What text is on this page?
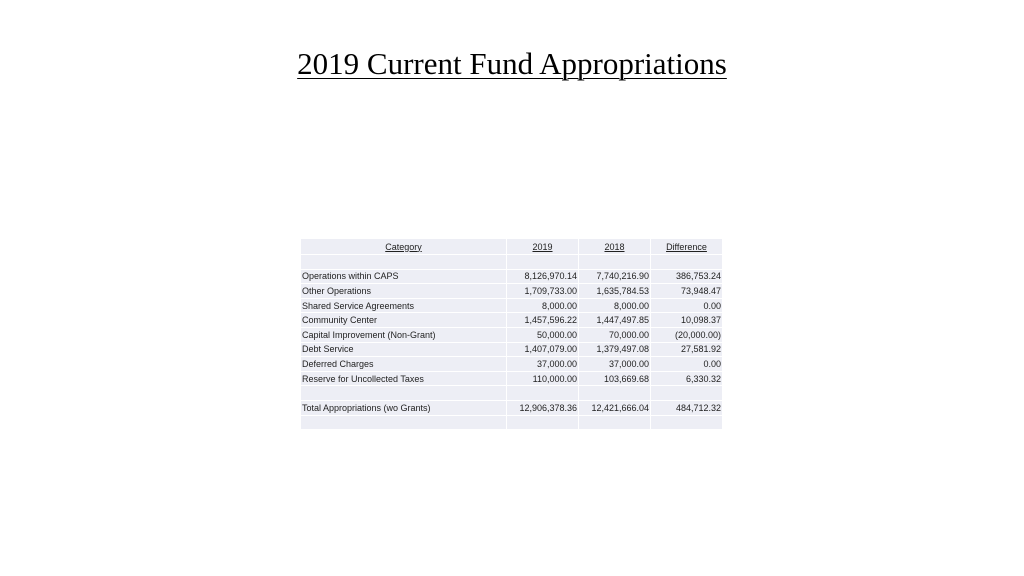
2019 Current Fund Appropriations
Category	2019	2018	Difference

Operations within CAPS	8,126,970.14	7,740,216.90	386,753.24
Other Operations	1,709,733.00	1,635,784.53	73,948.47
Shared Service Agreements	8,000.00	8,000.00	0.00
Community Center	1,457,596.22	1,447,497.85	10,098.37
Capital Improvement (Non-Grant)	50,000.00	70,000.00	(20,000.00)
Debt Service	1,407,079.00	1,379,497.08	27,581.92
Deferred Charges	37,000.00	37,000.00	0.00
Reserve for Uncollected Taxes	110,000.00	103,669.68	6,330.32

Total Appropriations (wo Grants)	12,906,378.36	12,421,666.04	484,712.32
